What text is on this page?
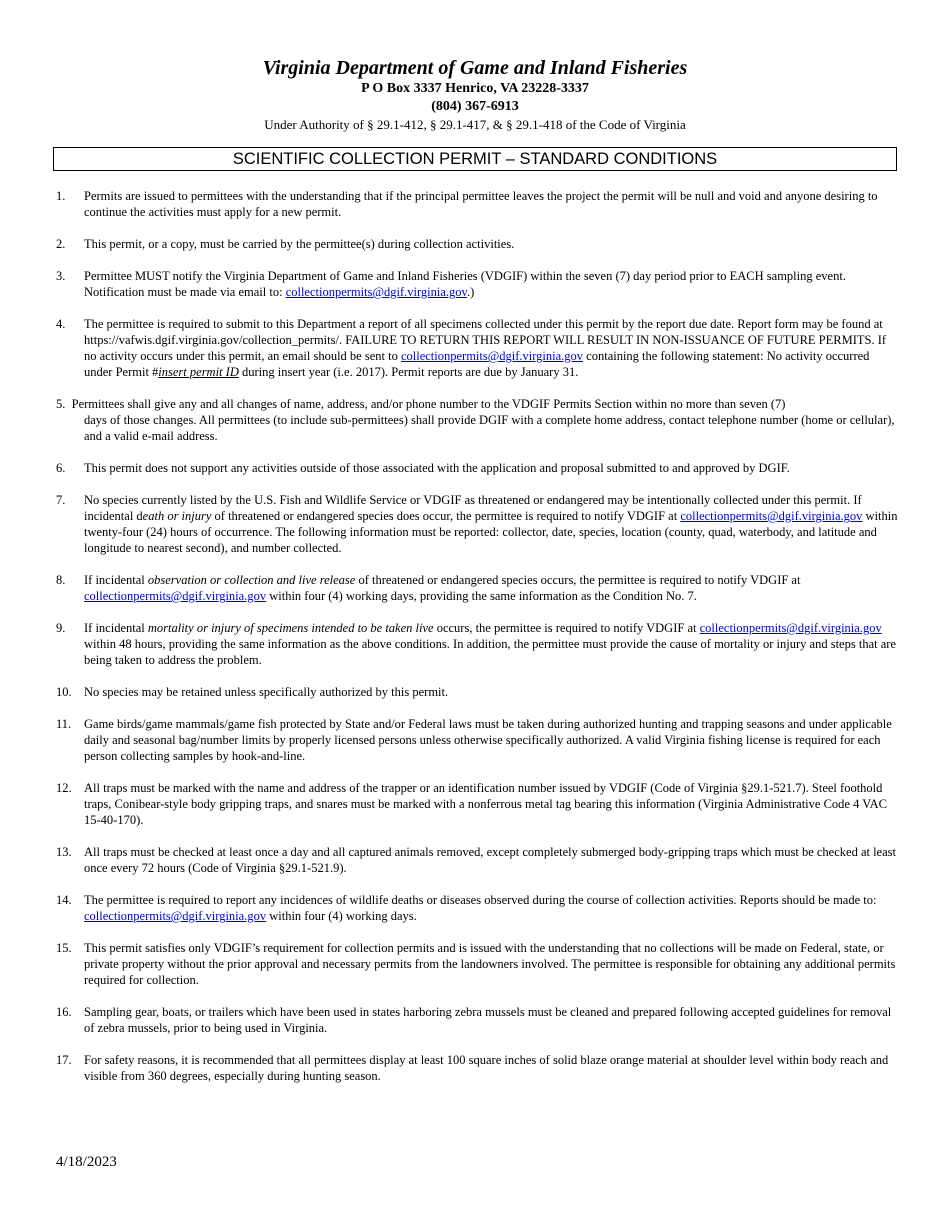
Virginia Department of Game and Inland Fisheries
P O Box 3337 Henrico, VA 23228-3337
(804) 367-6913
Under Authority of § 29.1-412, § 29.1-417, & § 29.1-418 of the Code of Virginia
SCIENTIFIC COLLECTION PERMIT – STANDARD CONDITIONS
1. Permits are issued to permittees with the understanding that if the principal permittee leaves the project the permit will be null and void and anyone desiring to continue the activities must apply for a new permit.
2. This permit, or a copy, must be carried by the permittee(s) during collection activities.
3. Permittee MUST notify the Virginia Department of Game and Inland Fisheries (VDGIF) within the seven (7) day period prior to EACH sampling event. Notification must be made via email to: collectionpermits@dgif.virginia.gov.)
4. The permittee is required to submit to this Department a report of all specimens collected under this permit by the report due date. Report form may be found at https://vafwis.dgif.virginia.gov/collection_permits/. FAILURE TO RETURN THIS REPORT WILL RESULT IN NON-ISSUANCE OF FUTURE PERMITS. If no activity occurs under this permit, an email should be sent to collectionpermits@dgif.virginia.gov containing the following statement: No activity occurred under Permit #insert permit ID during insert year (i.e. 2017). Permit reports are due by January 31.
5. Permittees shall give any and all changes of name, address, and/or phone number to the VDGIF Permits Section within no more than seven (7)
days of those changes. All permittees (to include sub-permittees) shall provide DGIF with a complete home address, contact telephone number (home or cellular), and a valid e-mail address.
6. This permit does not support any activities outside of those associated with the application and proposal submitted to and approved by DGIF.
7. No species currently listed by the U.S. Fish and Wildlife Service or VDGIF as threatened or endangered may be intentionally collected under this permit. If incidental death or injury of threatened or endangered species does occur, the permittee is required to notify VDGIF at collectionpermits@dgif.virginia.gov within twenty-four (24) hours of occurrence. The following information must be reported: collector, date, species, location (county, quad, waterbody, and latitude and longitude to nearest second), and number collected.
8. If incidental observation or collection and live release of threatened or endangered species occurs, the permittee is required to notify VDGIF at collectionpermits@dgif.virginia.gov within four (4) working days, providing the same information as the Condition No. 7.
9. If incidental mortality or injury of specimens intended to be taken live occurs, the permittee is required to notify VDGIF at collectionpermits@dgif.virginia.gov within 48 hours, providing the same information as the above conditions. In addition, the permittee must provide the cause of mortality or injury and steps that are being taken to address the problem.
10. No species may be retained unless specifically authorized by this permit.
11. Game birds/game mammals/game fish protected by State and/or Federal laws must be taken during authorized hunting and trapping seasons and under applicable daily and seasonal bag/number limits by properly licensed persons unless otherwise specifically authorized. A valid Virginia fishing license is required for each person collecting samples by hook-and-line.
12. All traps must be marked with the name and address of the trapper or an identification number issued by VDGIF (Code of Virginia §29.1-521.7). Steel foothold traps, Conibear-style body gripping traps, and snares must be marked with a nonferrous metal tag bearing this information (Virginia Administrative Code 4 VAC 15-40-170).
13. All traps must be checked at least once a day and all captured animals removed, except completely submerged body-gripping traps which must be checked at least once every 72 hours (Code of Virginia §29.1-521.9).
14. The permittee is required to report any incidences of wildlife deaths or diseases observed during the course of collection activities. Reports should be made to: collectionpermits@dgif.virginia.gov within four (4) working days.
15. This permit satisfies only VDGIF’s requirement for collection permits and is issued with the understanding that no collections will be made on Federal, state, or private property without the prior approval and necessary permits from the landowners involved. The permittee is responsible for obtaining any additional permits required for collection.
16. Sampling gear, boats, or trailers which have been used in states harboring zebra mussels must be cleaned and prepared following accepted guidelines for removal of zebra mussels, prior to being used in Virginia.
17. For safety reasons, it is recommended that all permittees display at least 100 square inches of solid blaze orange material at shoulder level within body reach and visible from 360 degrees, especially during hunting season.
4/18/2023
